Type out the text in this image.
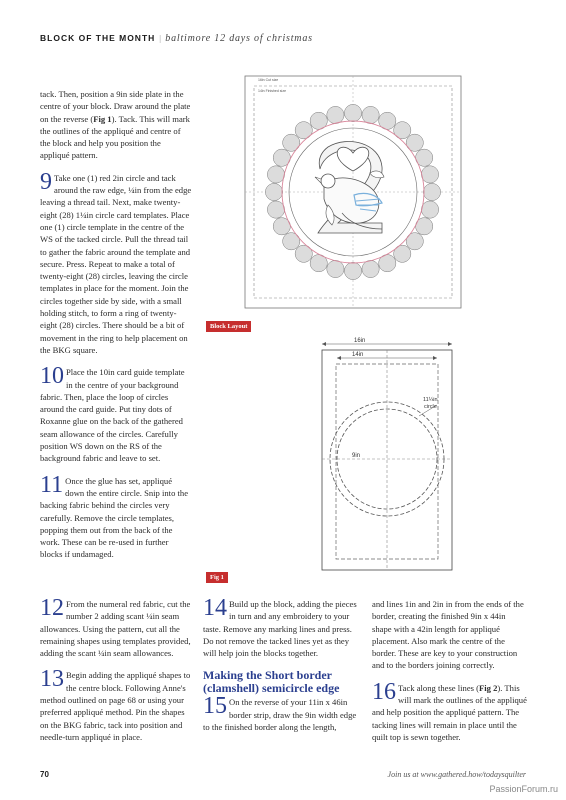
BLOCK OF THE MONTH | baltimore 12 days of christmas

tack. Then, position a 9in side plate in the centre of your block. Draw around the plate on the reverse (Fig 1). Tack. This will mark the outlines of the appliqué and centre of the block and help you position the appliqué pattern.

9 Take one (1) red 2in circle and tack around the raw edge, ¼in from the edge leaving a thread tail. Next, make twenty-eight (28) 1¼in circle card templates. Place one (1) circle template in the centre of the WS of the tacked circle. Pull the thread tail to gather the fabric around the template and secure. Press. Repeat to make a total of twenty-eight (28) circles, leaving the circle templates in place for the moment. Join the circles together side by side, with a small holding stitch, to form a ring of twenty-eight (28) circles. There should be a bit of movement in the ring to help placement on the BKG square.
10 Place the 10in card guide template in the centre of your background fabric. Then, place the loop of circles around the card guide. Put tiny dots of Roxanne glue on the back of the gathered seam allowance of the circles. Carefully position WS down on the RS of the background fabric and leave to set.
11 Once the glue has set, appliqué down the entire circle. Snip into the backing fabric behind the circles very carefully. Remove the circle templates, popping them out from the back of the work. These can be re-used in further blocks if undamaged.
16in Cut size
14in Finished size
Block Layout
16in
14in
11¼in
circle
9in
Fig 1
12 From the numeral red fabric, cut the number 2 adding scant ¼in seam allowances. Using the pattern, cut all the remaining shapes using templates provided, adding the scant ¼in seam allowances.
13 Begin adding the appliqué shapes to the centre block. Following Anne's method outlined on page 68 or using your preferred appliqué method. Pin the shapes on the BKG fabric, tack into position and needle-turn appliqué in place.
14 Build up the block, adding the pieces in turn and any embroidery to your taste. Remove any marking lines and press. Do not remove the tacked lines yet as they will help join the blocks together.
Making the Short border (clamshell) semicircle edge
15 On the reverse of your 11in x 46in border strip, draw the 9in width edge to the finished border along the length,

and lines 1in and 2in in from the ends of the border, creating the finished 9in x 44in shape with a 42in length for appliqué placement. Also mark the centre of the border. These are key to your construction and to the borders joining correctly.

16 Tack along these lines (Fig 2). This will mark the outlines of the appliqué and help position the appliqué pattern. The tacking lines will remain in place until the quilt top is sewn together.
70	Join us at www.gathered.how/todaysquilter
PassionForum.ru
